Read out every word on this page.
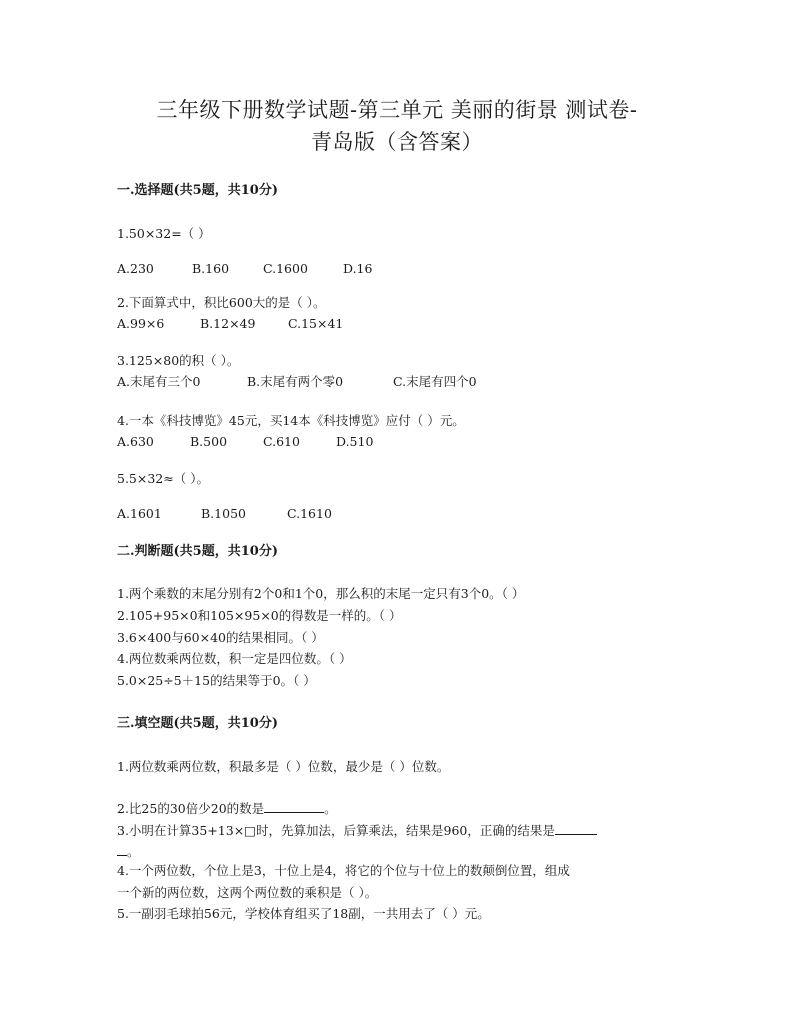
三年级下册数学试题-第三单元 美丽的街景 测试卷-
青岛版（含答案）
一.选择题(共5题，共10分)
1.50×32=（ ）
A.230	B.160	C.1600	D.16
2.下面算式中，积比600大的是（ ）。
A.99×6	B.12×49	C.15×41
3.125×80的积（ ）。
A.末尾有三个0	B.末尾有两个零0	C.末尾有四个0
4.一本《科技博览》45元，买14本《科技博览》应付（ ）元。
A.630	B.500	C.610	D.510
5.5×32≈（ ）。
A.1601	B.1050	C.1610
二.判断题(共5题，共10分)
1.两个乘数的末尾分别有2个0和1个0，那么积的末尾一定只有3个0。（ ）
2.105+95×0和105×95×0的得数是一样的。（ ）
3.6×400与60×40的结果相同。（ ）
4.两位数乘两位数，积一定是四位数。（ ）
5.0×25÷5＋15的结果等于0。（ ）
三.填空题(共5题，共10分)
1.两位数乘两位数，积最多是（ ）位数，最少是（ ）位数。
2.比25的30倍少20的数是	。
3.小明在计算35+13×□时，先算加法，后算乘法，结果是960，正确的结果是
。
4.一个两位数，个位上是3，十位上是4，将它的个位与十位上的数颠倒位置，组成
一个新的两位数，这两个两位数的乘积是（ ）。
5.一副羽毛球拍56元，学校体育组买了18副，一共用去了（ ）元。
